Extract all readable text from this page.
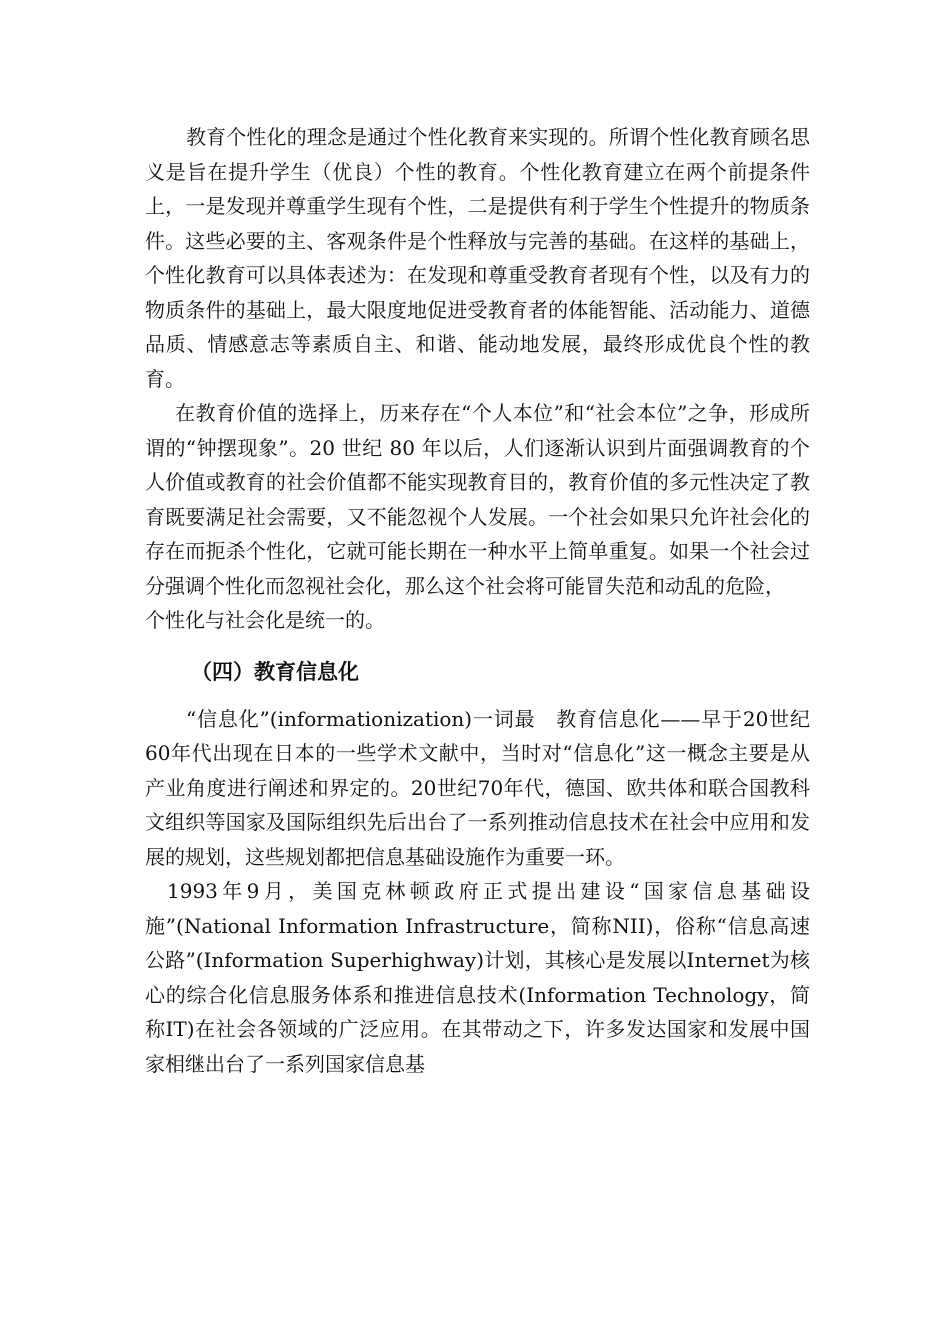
教育个性化的理念是通过个性化教育来实现的。所谓个性化教育顾名思义是旨在提升学生（优良）个性的教育。个性化教育建立在两个前提条件上，一是发现并尊重学生现有个性，二是提供有利于学生个性提升的物质条件。这些必要的主、客观条件是个性释放与完善的基础。在这样的基础上，个性化教育可以具体表述为：在发现和尊重受教育者现有个性，以及有力的物质条件的基础上，最大限度地促进受教育者的体能智能、活动能力、道德品质、情感意志等素质自主、和谐、能动地发展，最终形成优良个性的教育。

在教育价值的选择上，历来存在“个人本位”和“社会本位”之争，形成所谓的“钟摆现象”。20 世纪 80 年以后，人们逐渐认识到片面强调教育的个人价值或教育的社会价值都不能实现教育目的，教育价值的多元性决定了教育既要满足社会需要，又不能忽视个人发展。一个社会如果只允许社会化的存在而扼杀个性化，它就可能长期在一种水平上简单重复。如果一个社会过分强调个性化而忽视社会化，那么这个社会将可能冒失范和动乱的危险，

个性化与社会化是统一的。

（四）教育信息化

“信息化”(informationization)一词最　教育信息化——早于20世纪60年代出现在日本的一些学术文献中，当时对“信息化”这一概念主要是从产业角度进行阐述和界定的。20世纪70年代，德国、欧共体和联合国教科文组织等国家及国际组织先后出台了一系列推动信息技术在社会中应用和发展的规划，这些规划都把信息基础设施作为重要一环。

1993年9月，美国克林顿政府正式提出建设“国家信息基础设施”(National Information Infrastructure，简称NII)，俗称“信息高速公路”(Information Superhighway)计划，其核心是发展以Internet为核心的综合化信息服务体系和推进信息技术(Information Technology，简称IT)在社会各领域的广泛应用。在其带动之下，许多发达国家和发展中国家相继出台了一系列国家信息基
